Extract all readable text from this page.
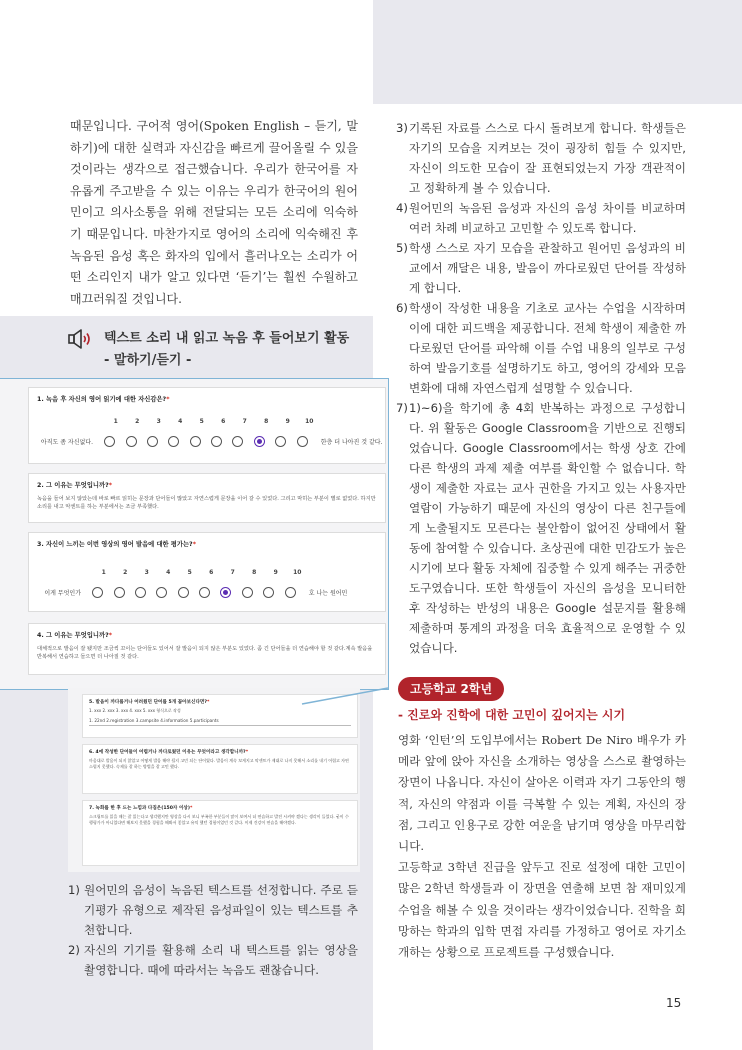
때문입니다. 구어적 영어(Spoken English – 듣기, 말하기)에 대한 실력과 자신감을 빠르게 끌어올릴 수 있을 것이라는 생각으로 접근했습니다. 우리가 한국어를 자유롭게 주고받을 수 있는 이유는 우리가 한국어의 원어민이고 의사소통을 위해 전달되는 모든 소리에 익숙하기 때문입니다. 마찬가지로 영어의 소리에 익숙해진 후 녹음된 음성 혹은 화자의 입에서 흘러나오는 소리가 어떤 소리인지 내가 알고 있다면 ‘듣기’는 훨씬 수월하고 매끄러워질 것입니다.

텍스트 소리 내 읽고 녹음 후 들어보기 활동
- 말하기/듣기 -
1. 녹음 후 자신의 영어 읽기에 대한 자신감은?*
1	2	3	4	5	6	7	8	9	10
아직도 좀 자신없다.	한층 더 나아진 것 같다.
2. 그 이유는 무엇입니까?*
녹음을 들어 보지 않았는데 바로 빠르 읽히는 문장과 단어들이 많았고 자연스럽게 문장을 이어 갈 수 있었다. 그리고 막히는 부분이 별로 없었다. 하지만 소리를 내고 악센트를 하는 부분에서는 조금 부족했다.
3. 자신이 느끼는 이번 영상의 영어 발음에 대한 평가는?*
1	2	3	4	5	6	7	8	9	10
이게 무엇인가	호 나는 원어민
4. 그 이유는 무엇입니까?*
대체적으로 발음이 잘 됐지만 조금씩 꼬이는 단어들도 있어서 잘 발음이 되지 않은 부분도 있었다. 좀 긴 단어들을 더 연습해야 할 것 같다.계속 발음을 반복해서 연습하고 들으면 더 나아질 것 같다.
5. 발음이 까다롭거나 어려웠던 단어를 5개 꼽아보신다면?*
1. xxx 2. xxx 3. xxx 4. xxx 5. xxx 형식으로 작성
1. 22nd 2.registration 3.campsite 4.information 5.participants
6. 4에 작성한 단어들이 어렵거나 까다로웠던 이유는 무엇이라고 생각합니까?*
마음대로 발음이 되지 않았고 어떻게 발음 해야 될지 고민 되는 단어였다. 발음이 계속 꼬게지고 악센트가 제대로 나지 못해서 소리를 내기 어렵고 자연스럽지 못했다. 숙제를 잘 하는 방법을 잘 고민 했다.
7. 녹화를 한 후 드는 느낌과 다짐은(150자 이상)*
스크립트를 읽을 때는 잘 읽는다고 생각했지만 영상을 다시 보니 부족한 부분들이 많이 보여서 더 연습하고 발전 시켜야 겠다는 생각이 들었다. 굳이 수행평가가 아니었다면 해보지 못했을 경험을 해봐서 좋았고 유익 했던 경험이었던 것 같다. 이제 건강이 연습을 해야겠다.
1) 원어민의 음성이 녹음된 텍스트를 선정합니다. 주로 듣기평가 유형으로 제작된 음성파일이 있는 텍스트를 추천합니다.
2) 자신의 기기를 활용해 소리 내 텍스트를 읽는 영상을 촬영합니다. 때에 따라서는 녹음도 괜찮습니다.
3) 기록된 자료를 스스로 다시 돌려보게 합니다. 학생들은 자기의 모습을 지켜보는 것이 굉장히 힘들 수 있지만, 자신이 의도한 모습이 잘 표현되었는지 가장 객관적이고 정확하게 볼 수 있습니다.
4) 원어민의 녹음된 음성과 자신의 음성 차이를 비교하며 여러 차례 비교하고 고민할 수 있도록 합니다.
5) 학생 스스로 자기 모습을 관찰하고 원어민 음성과의 비교에서 깨달은 내용, 발음이 까다로웠던 단어를 작성하게 합니다.
6) 학생이 작성한 내용을 기초로 교사는 수업을 시작하며 이에 대한 피드백을 제공합니다. 전체 학생이 제출한 까다로웠던 단어를 파악해 이를 수업 내용의 일부로 구성하여 발음기호를 설명하기도 하고, 영어의 강세와 모음 변화에 대해 자연스럽게 설명할 수 있습니다.
7) 1)~6)을 학기에 총 4회 반복하는 과정으로 구성합니다. 위 활동은 Google Classroom을 기반으로 진행되었습니다. Google Classroom에서는 학생 상호 간에 다른 학생의 과제 제출 여부를 확인할 수 없습니다. 학생이 제출한 자료는 교사 권한을 가지고 있는 사용자만 열람이 가능하기 때문에 자신의 영상이 다른 친구들에게 노출될지도 모른다는 불안함이 없어진 상태에서 활동에 참여할 수 있습니다. 초상권에 대한 민감도가 높은 시기에 보다 활동 자체에 집중할 수 있게 해주는 귀중한 도구였습니다. 또한 학생들이 자신의 음성을 모니터한 후 작성하는 반성의 내용은 Google 설문지를 활용해 제출하며 통계의 과정을 더욱 효율적으로 운영할 수 있었습니다.
고등학교 2학년
- 진로와 진학에 대한 고민이 깊어지는 시기

영화 ‘인턴’의 도입부에서는 Robert De Niro 배우가 카메라 앞에 앉아 자신을 소개하는 영상을 스스로 촬영하는 장면이 나옵니다. 자신이 살아온 이력과 자기 그동안의 행적, 자신의 약점과 이를 극복할 수 있는 계획, 자신의 장점, 그리고 인용구로 강한 여운을 남기며 영상을 마무리합니다.

고등학교 3학년 진급을 앞두고 진로 설정에 대한 고민이 많은 2학년 학생들과 이 장면을 연출해 보면 참 재미있게 수업을 해볼 수 있을 것이라는 생각이었습니다. 진학을 희망하는 학과의 입학 면접 자리를 가정하고 영어로 자기소개하는 상황으로 프로젝트를 구성했습니다.

15
